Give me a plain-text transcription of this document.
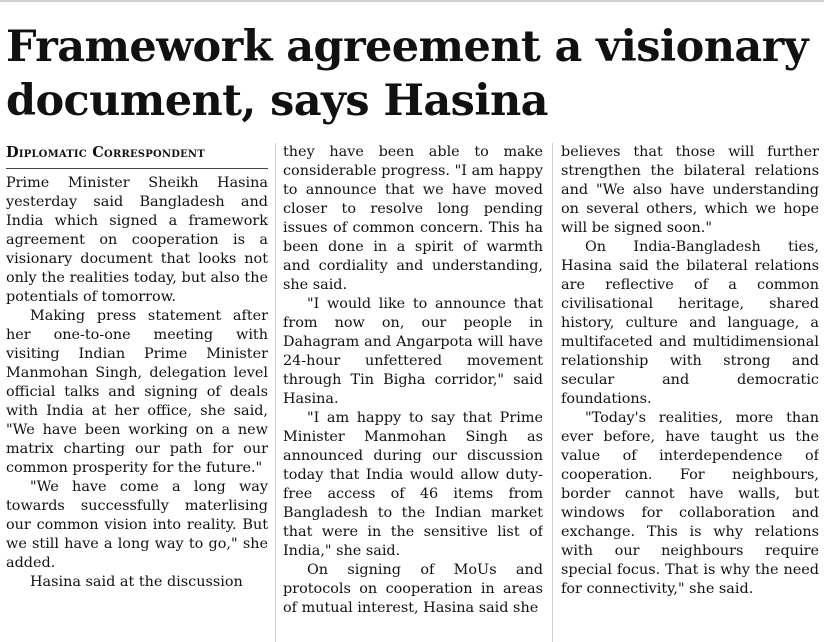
Framework agreement a visionary
document, says Hasina
Diplomatic Correspondent

Prime Minister Sheikh Hasina yesterday said Bangladesh and India which signed a framework agreement on cooperation is a visionary document that looks not only the realities today, but also the potentials of tomorrow.

Making press statement after her one-to-one meeting with visiting Indian Prime Minister Manmohan Singh, delegation level official talks and signing of deals with India at her office, she said, "We have been working on a new matrix charting our path for our common prosperity for the future."

"We have come a long way towards successfully materlising our common vision into reality. But we still have a long way to go," she added.

Hasina said at the discussion

they have been able to make considerable progress. "I am happy to announce that we have moved closer to resolve long pending issues of common concern. This ha been done in a spirit of warmth and cordiality and understanding, she said.

"I would like to announce that from now on, our people in Dahagram and Angarpota will have 24-hour unfettered movement through Tin Bigha corridor," said Hasina.

"I am happy to say that Prime Minister Manmohan Singh as announced during our discussion today that India would allow duty-free access of 46 items from Bangladesh to the Indian market that were in the sensitive list of India," she said.

On signing of MoUs and protocols on cooperation in areas of mutual interest, Hasina said she

believes that those will further strengthen the bilateral relations and "We also have understanding on several others, which we hope will be signed soon."

On India-Bangladesh ties, Hasina said the bilateral relations are reflective of a common civilisational heritage, shared history, culture and language, a multifaceted and multidimensional relationship with strong and secular and democratic foundations.

"Today's realities, more than ever before, have taught us the value of interdependence of cooperation. For neighbours, border cannot have walls, but windows for collaboration and exchange. This is why relations with our neighbours require special focus. That is why the need for connectivity," she said.
